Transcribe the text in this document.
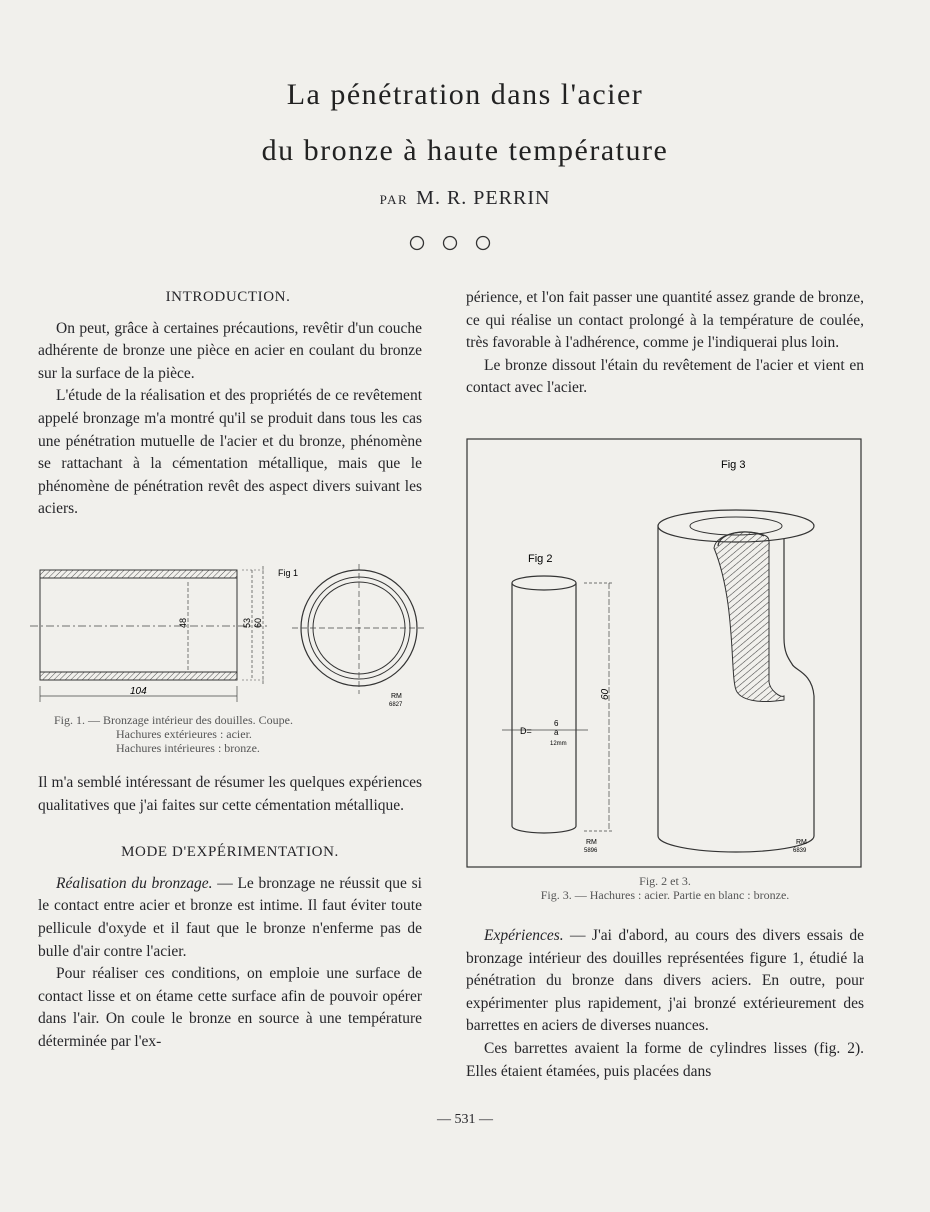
La pénétration dans l'acier
du bronze à haute température
PAR M. R. PERRIN
INTRODUCTION.

On peut, grâce à certaines précautions, revêtir d'un couche adhérente de bronze une pièce en acier en coulant du bronze sur la surface de la pièce.

L'étude de la réalisation et des propriétés de ce revêtement appelé bronzage m'a montré qu'il se produit dans tous les cas une pénétration mutuelle de l'acier et du bronze, phénomène se rattachant à la cémentation métallique, mais que le phénomène de pénétration revêt des aspect divers suivant les aciers.

48	53 60
104
Fig 1
RM
6827
Fig. 1. — Bronzage intérieur des douilles. Coupe.
Hachures extérieures : acier.
Hachures intérieures : bronze.

Il m'a semblé intéressant de résumer les quelques expériences qualitatives que j'ai faites sur cette cémentation métallique.

MODE D'EXPÉRIMENTATION.

Réalisation du bronzage. — Le bronzage ne réussit que si le contact entre acier et bronze est intime. Il faut éviter toute pellicule d'oxyde et il faut que le bronze n'enferme pas de bulle d'air contre l'acier.

Pour réaliser ces conditions, on emploie une surface de contact lisse et on étame cette surface afin de pouvoir opérer dans l'air. On coule le bronze en source à une température déterminée par l'ex-

périence, et l'on fait passer une quantité assez grande de bronze, ce qui réalise un contact prolongé à la température de coulée, très favorable à l'adhérence, comme je l'indiquerai plus loin.

Le bronze dissout l'étain du revêtement de l'acier et vient en contact avec l'acier.

Fig 2
60
D=
6
a
12mm
RM
5896
Fig 3
RM
6839
Fig. 2 et 3.
Fig. 3. — Hachures : acier. Partie en blanc : bronze.

Expériences. — J'ai d'abord, au cours des divers essais de bronzage intérieur des douilles représentées figure 1, étudié la pénétration du bronze dans divers aciers. En outre, pour expérimenter plus rapidement, j'ai bronzé extérieurement des barrettes en aciers de diverses nuances.

Ces barrettes avaient la forme de cylindres lisses (fig. 2). Elles étaient étamées, puis placées dans

— 531 —
